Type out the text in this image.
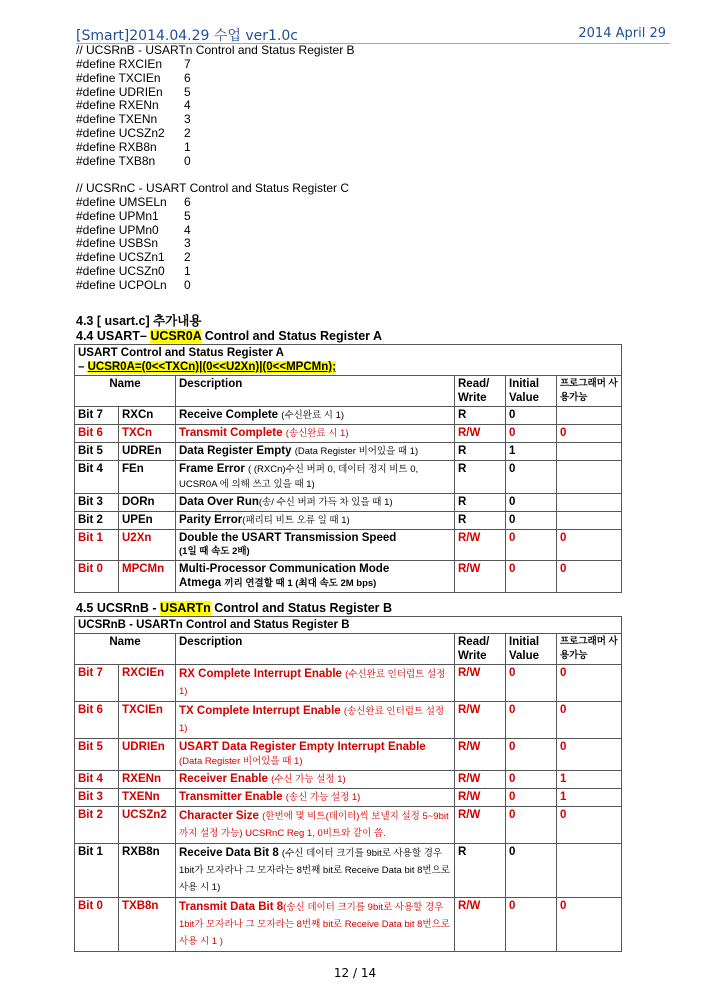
[Smart]2014.04.29 수업 ver1.0c	2014 April 29
// UCSRnB - USARTn Control and Status Register B
#define RXCIEn 7
#define TXCIEn 6
#define UDRIEn 5
#define RXENn 4
#define TXENn 3
#define UCSZn2 2
#define RXB8n 1
#define TXB8n 0
// UCSRnC - USART Control and Status Register C
#define UMSELn 6
#define UPMn1 5
#define UPMn0 4
#define USBSn 3
#define UCSZn1 2
#define UCSZn0 1
#define UCPOLn 0
4.3 [ usart.c] 추가내용
4.4 USART– UCSR0A Control and Status Register A
USART Control and Status Register A
– UCSR0A=(0<<TXCn)|(0<<U2Xn)|(0<<MPCMn);					

Name		Description	Read/ Write	Initial Value	프로그래머 사용가능
Bit 7	RXCn	Receive Complete (수신완료 시 1)	R	0	
Bit 6	TXCn	Transmit Complete (송신완료 시 1)	R/W	0	0
Bit 5	UDREn	Data Register Empty (Data Register 비어있을 때 1)	R	1	
Bit 4	FEn	Frame Error ( (RXCn)수신 버퍼 0, 데이터 정지 비트 0, UCSR0A 에 의해 쓰고 있을 때 1)	R	0	
Bit 3	DORn	Data Over Run(송/ 수신 버퍼 가득 차 있을 때 1)	R	0	
Bit 2	UPEn	Parity Error(패리티 비트 오류 일 때 1)	R	0	
Bit 1	U2Xn	Double the USART Transmission Speed
(1일 때 속도 2배)	R/W	0	0
Bit 0	MPCMn	Multi-Processor Communication Mode
Atmega 끼리 연결할 때 1 (최대 속도 2M bps)	R/W	0	0
4.5 UCSRnB - USARTn Control and Status Register B
UCSRnB - USARTn Control and Status Register B					
Name		Description	Read/ Write	Initial Value	프로그래머 사용가능
Bit 7	RXCIEn	RX Complete Interrupt Enable (수신완료 인터럽트 설정 1)	R/W	0	0
Bit 6	TXCIEn	TX Complete Interrupt Enable (송신완료 인터럽트 설정 1)	R/W	0	0
Bit 5	UDRIEn	USART Data Register Empty Interrupt Enable (Data Register 비어있을 때 1)	R/W	0	0
Bit 4	RXENn	Receiver Enable (수신 가능 설정 1)	R/W	0	1
Bit 3	TXENn	Transmitter Enable (송신 가능 설정 1)	R/W	0	1
Bit 2	UCSZn2	Character Size (한번에 몇 비트(데이터)씩 보낼지 설정 5~9bit 까지 설정 가능) UCSRnC Reg 1, 0비트와 같이 씀.	R/W	0	0
Bit 1	RXB8n	Receive Data Bit 8 (수신 데이터 크기를 9bit로 사용할 경우 1bit가 모자라나 그 모자라는 8번째 bit로 Receive Data bit 8번으로 사용 시 1)	R	0	
Bit 0	TXB8n	Transmit Data Bit 8(송신 데이터 크기를 9bit로 사용할 경우 1bit가 모자라나 그 모자라는 8번째 bit로 Receive Data bit 8번으로 사용 시 1 )	R/W	0	0
12 / 14
